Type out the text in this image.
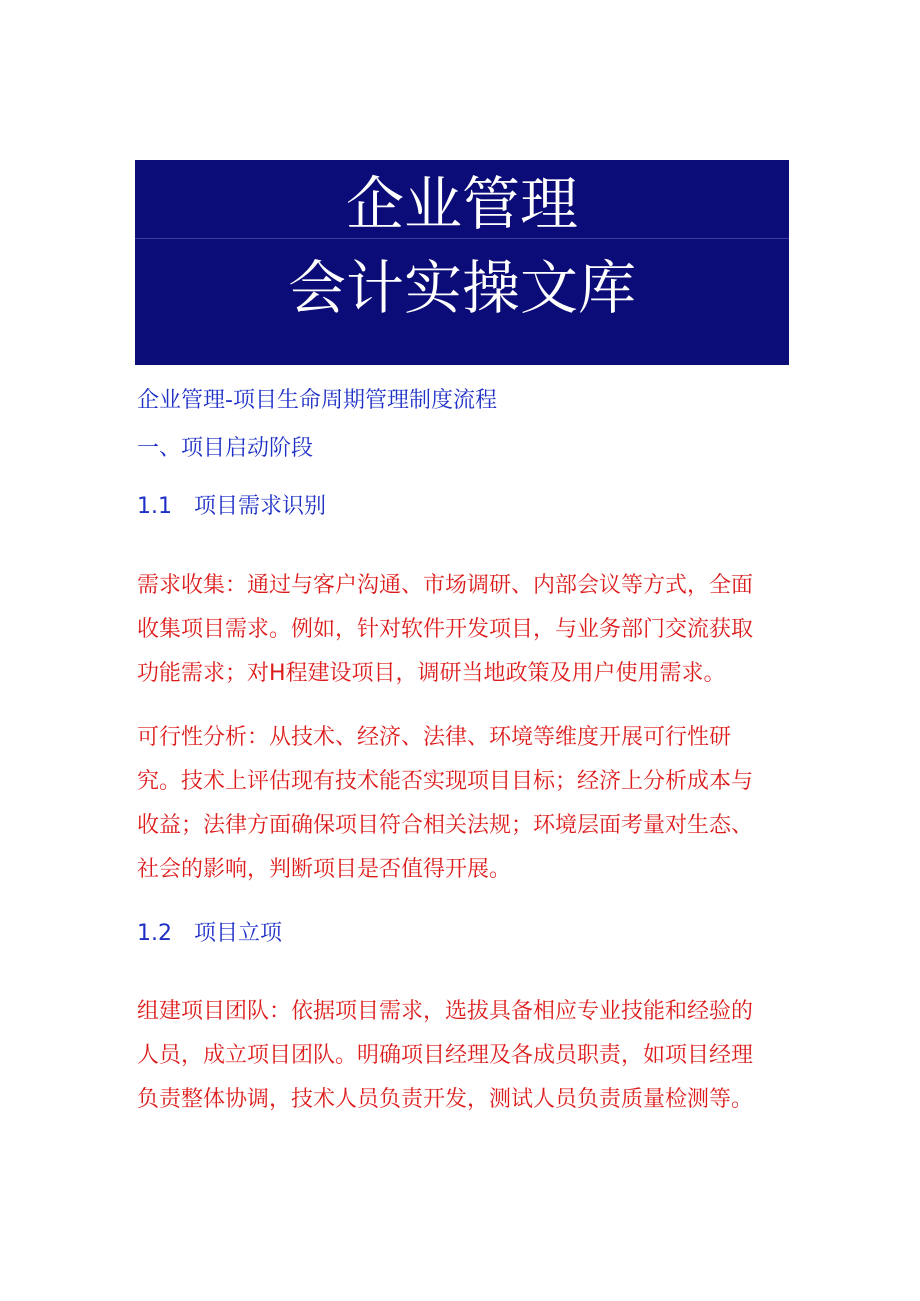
企业管理
会计实操文库
企业管理-项目生命周期管理制度流程
一、项目启动阶段
1.1 项目需求识别
需求收集：通过与客户沟通、市场调研、内部会议等方式，全面
收集项目需求。例如，针对软件开发项目，与业务部门交流获取
功能需求；对H程建设项目，调研当地政策及用户使用需求。
可行性分析：从技术、经济、法律、环境等维度开展可行性研
究。技术上评估现有技术能否实现项目目标；经济上分析成本与
收益；法律方面确保项目符合相关法规；环境层面考量对生态、
社会的影响，判断项目是否值得开展。
1.2 项目立项
组建项目团队：依据项目需求，选拔具备相应专业技能和经验的
人员，成立项目团队。明确项目经理及各成员职责，如项目经理
负责整体协调，技术人员负责开发，测试人员负责质量检测等。
